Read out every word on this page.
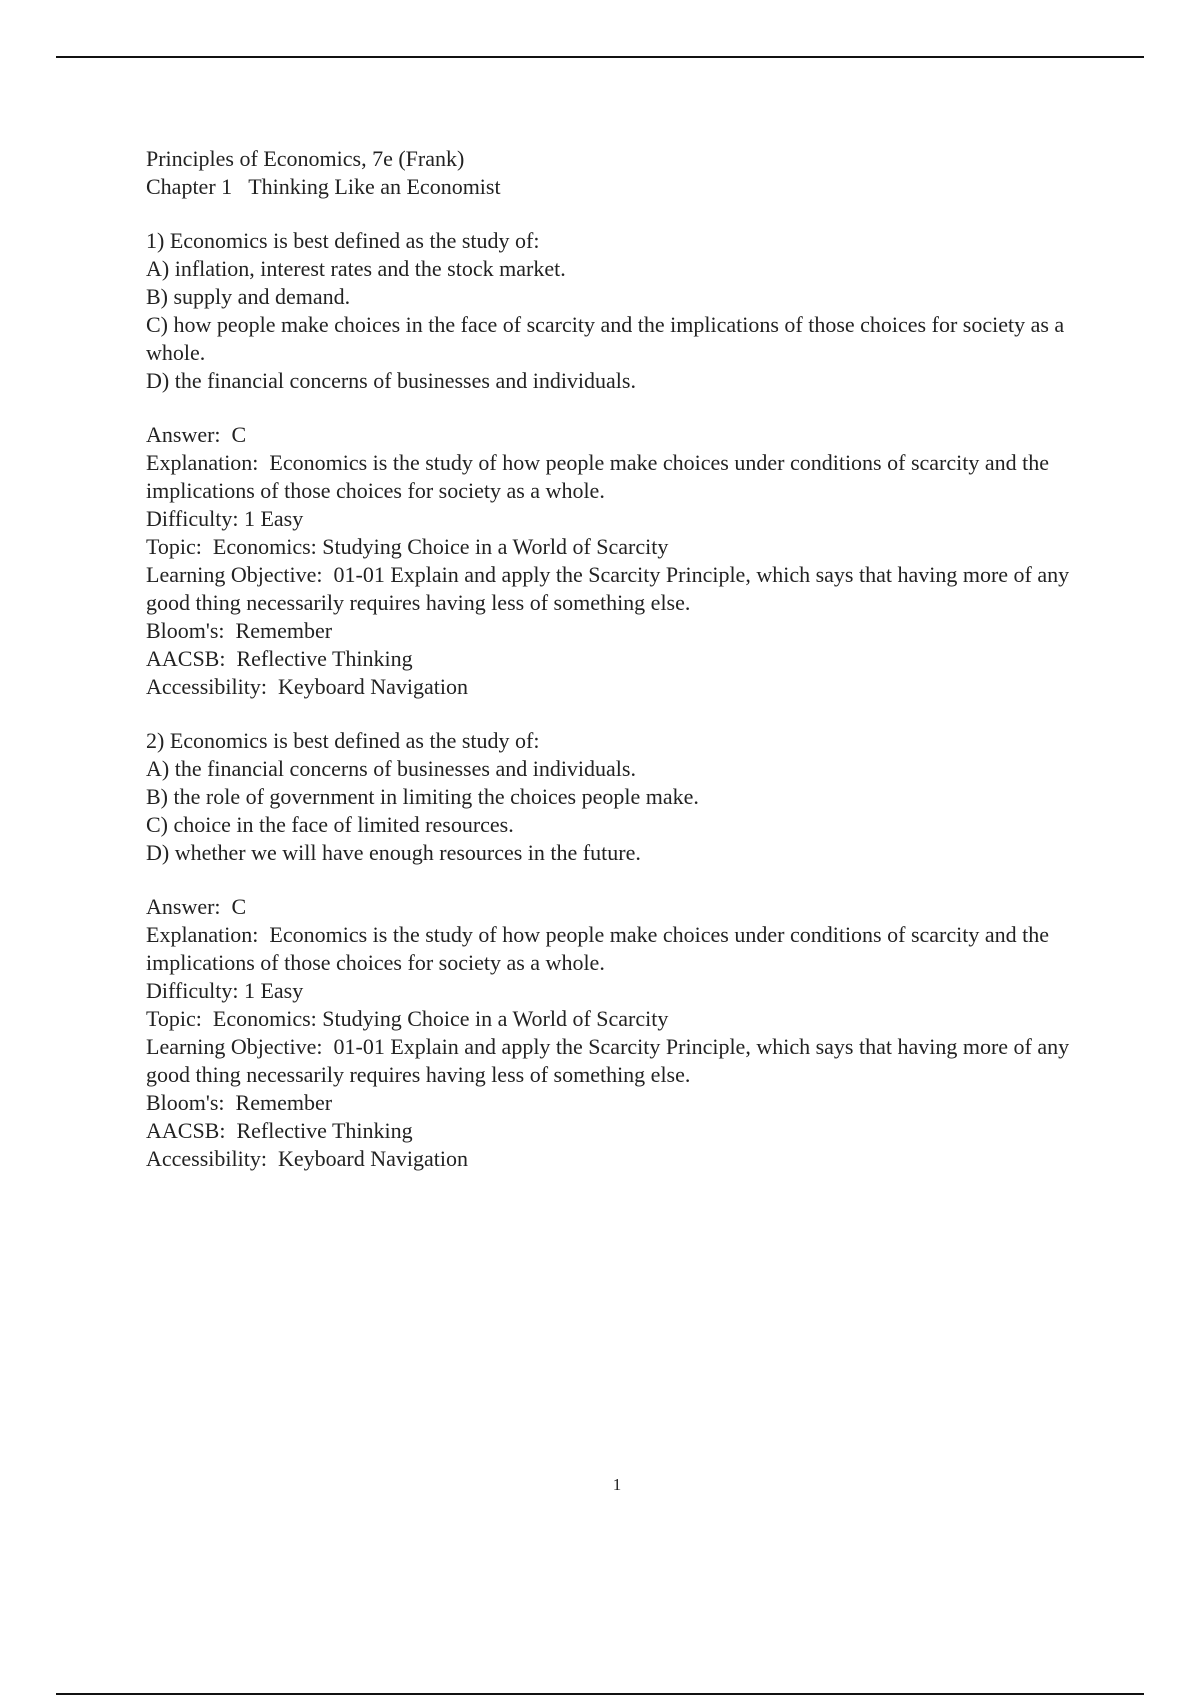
Principles of Economics, 7e (Frank)
Chapter 1   Thinking Like an Economist
1) Economics is best defined as the study of:
A) inflation, interest rates and the stock market.
B) supply and demand.
C) how people make choices in the face of scarcity and the implications of those choices for society as a whole.
D) the financial concerns of businesses and individuals.
Answer:  C
Explanation:  Economics is the study of how people make choices under conditions of scarcity and the implications of those choices for society as a whole.
Difficulty: 1 Easy
Topic:  Economics: Studying Choice in a World of Scarcity
Learning Objective:  01-01 Explain and apply the Scarcity Principle, which says that having more of any good thing necessarily requires having less of something else.
Bloom's:  Remember
AACSB:  Reflective Thinking
Accessibility:  Keyboard Navigation
2) Economics is best defined as the study of:
A) the financial concerns of businesses and individuals.
B) the role of government in limiting the choices people make.
C) choice in the face of limited resources.
D) whether we will have enough resources in the future.
Answer:  C
Explanation:  Economics is the study of how people make choices under conditions of scarcity and the implications of those choices for society as a whole.
Difficulty: 1 Easy
Topic:  Economics: Studying Choice in a World of Scarcity
Learning Objective:  01-01 Explain and apply the Scarcity Principle, which says that having more of any good thing necessarily requires having less of something else.
Bloom's:  Remember
AACSB:  Reflective Thinking
Accessibility:  Keyboard Navigation
1
